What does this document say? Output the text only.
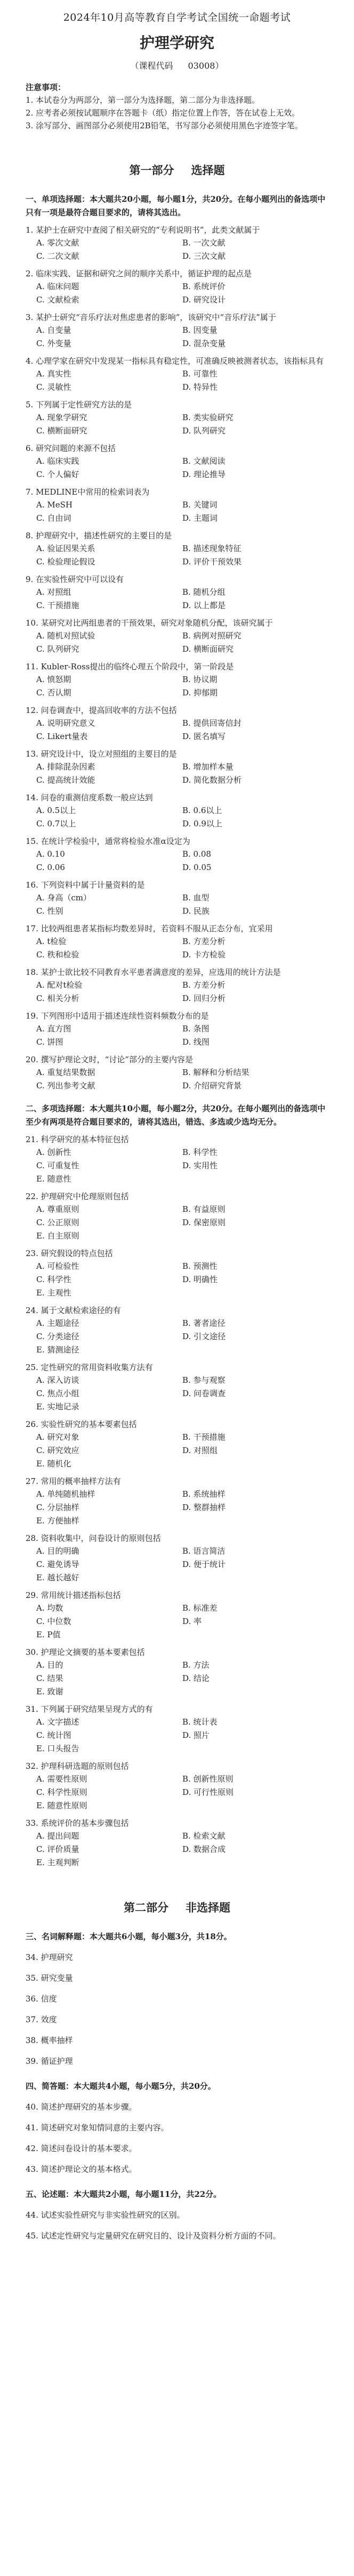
2024年10月高等教育自学考试全国统一命题考试
护理学研究
（课程代码 03008）

注意事项：

1. 本试卷分为两部分，第一部分为选择题，第二部分为非选择题。

2. 应考者必须按试题顺序在答题卡（纸）指定位置上作答，答在试卷上无效。

3. 涂写部分、画图部分必须使用2B铅笔，书写部分必须使用黑色字迹签字笔。

第一部分 选择题
一、单项选择题：本大题共20小题，每小题1分，共20分。在每小题列出的备选项中只有一项是最符合题目要求的，请将其选出。
1. 某护士在研究中查阅了相关研究的“专利说明书”，此类文献属于
A. 零次文献	B. 一次文献
C. 二次文献	D. 三次文献
2. 临床实践、证据和研究之间的顺序关系中，循证护理的起点是
A. 临床问题	B. 系统评价
C. 文献检索	D. 研究设计
3. 某护士研究“音乐疗法对焦虑患者的影响”，该研究中“音乐疗法”属于
A. 自变量	B. 因变量
C. 外变量	D. 混杂变量
4. 心理学家在研究中发现某一指标具有稳定性，可准确反映被测者状态，该指标具有
A. 真实性	B. 可靠性
C. 灵敏性	D. 特异性
5. 下列属于定性研究方法的是
A. 现象学研究	B. 类实验研究
C. 横断面研究	D. 队列研究
6. 研究问题的来源不包括
A. 临床实践	B. 文献阅读
C. 个人偏好	D. 理论推导
7. MEDLINE中常用的检索词表为
A. MeSH	B. 关键词
C. 自由词	D. 主题词
8. 护理研究中，描述性研究的主要目的是
A. 验证因果关系	B. 描述现象特征
C. 检验理论假设	D. 评价干预效果
9. 在实验性研究中可以设有
A. 对照组	B. 随机分组
C. 干预措施	D. 以上都是
10. 某研究对比两组患者的干预效果，研究对象随机分配，该研究属于
A. 随机对照试验	B. 病例对照研究
C. 队列研究	D. 横断面研究
11. Kubler-Ross提出的临终心理五个阶段中，第一阶段是
A. 愤怒期	B. 协议期
C. 否认期	D. 抑郁期
12. 问卷调查中，提高回收率的方法不包括
A. 说明研究意义	B. 提供回寄信封
C. Likert量表	D. 匿名填写
13. 研究设计中，设立对照组的主要目的是
A. 排除混杂因素	B. 增加样本量
C. 提高统计效能	D. 简化数据分析
14. 问卷的重测信度系数一般应达到
A. 0.5以上	B. 0.6以上
C. 0.7以上	D. 0.9以上
15. 在统计学检验中，通常将检验水准α设定为
A. 0.10	B. 0.08
C. 0.06	D. 0.05
16. 下列资料中属于计量资料的是
A. 身高（cm）	B. 血型
C. 性别	D. 民族
17. 比较两组患者某指标均数差异时，若资料不服从正态分布，宜采用
A. t检验	B. 方差分析
C. 秩和检验	D. 卡方检验
18. 某护士欲比较不同教育水平患者满意度的差异，应选用的统计方法是
A. 配对t检验	B. 方差分析
C. 相关分析	D. 回归分析
19. 下列图形中适用于描述连续性资料频数分布的是
A. 直方图	B. 条图
C. 饼图	D. 线图
20. 撰写护理论文时，“讨论”部分的主要内容是
A. 重复结果数据	B. 解释和分析结果
C. 列出参考文献	D. 介绍研究背景
二、多项选择题：本大题共10小题，每小题2分，共20分。在每小题列出的备选项中至少有两项是符合题目要求的，请将其选出，错选、多选或少选均无分。
21. 科学研究的基本特征包括
A. 创新性	B. 科学性
C. 可重复性	D. 实用性
E. 随意性
22. 护理研究中伦理原则包括
A. 尊重原则	B. 有益原则
C. 公正原则	D. 保密原则
E. 自主原则
23. 研究假设的特点包括
A. 可检验性	B. 预测性
C. 科学性	D. 明确性
E. 主观性
24. 属于文献检索途径的有
A. 主题途径	B. 著者途径
C. 分类途径	D. 引文途径
E. 猜测途径
25. 定性研究的常用资料收集方法有
A. 深入访谈	B. 参与观察
C. 焦点小组	D. 问卷调查
E. 实地记录
26. 实验性研究的基本要素包括
A. 研究对象	B. 干预措施
C. 研究效应	D. 对照组
E. 随机化
27. 常用的概率抽样方法有
A. 单纯随机抽样	B. 系统抽样
C. 分层抽样	D. 整群抽样
E. 方便抽样
28. 资料收集中，问卷设计的原则包括
A. 目的明确	B. 语言简洁
C. 避免诱导	D. 便于统计
E. 越长越好
29. 常用统计描述指标包括
A. 均数	B. 标准差
C. 中位数	D. 率
E. P值
30. 护理论文摘要的基本要素包括
A. 目的	B. 方法
C. 结果	D. 结论
E. 致谢
31. 下列属于研究结果呈现方式的有
A. 文字描述	B. 统计表
C. 统计图	D. 照片
E. 口头报告
32. 护理科研选题的原则包括
A. 需要性原则	B. 创新性原则
C. 科学性原则	D. 可行性原则
E. 随意性原则
33. 系统评价的基本步骤包括
A. 提出问题	B. 检索文献
C. 评价质量	D. 数据合成
E. 主观判断
第二部分 非选择题
三、名词解释题：本大题共6小题，每小题3分，共18分。
34. 护理研究
35. 研究变量
36. 信度
37. 效度
38. 概率抽样
39. 循证护理
四、简答题：本大题共4小题，每小题5分，共20分。
40. 简述护理研究的基本步骤。
41. 简述研究对象知情同意的主要内容。
42. 简述问卷设计的基本要求。
43. 简述护理论文的基本格式。
五、论述题：本大题共2小题，每小题11分，共22分。
44. 试述实验性研究与非实验性研究的区别。
45. 试述定性研究与定量研究在研究目的、设计及资料分析方面的不同。
